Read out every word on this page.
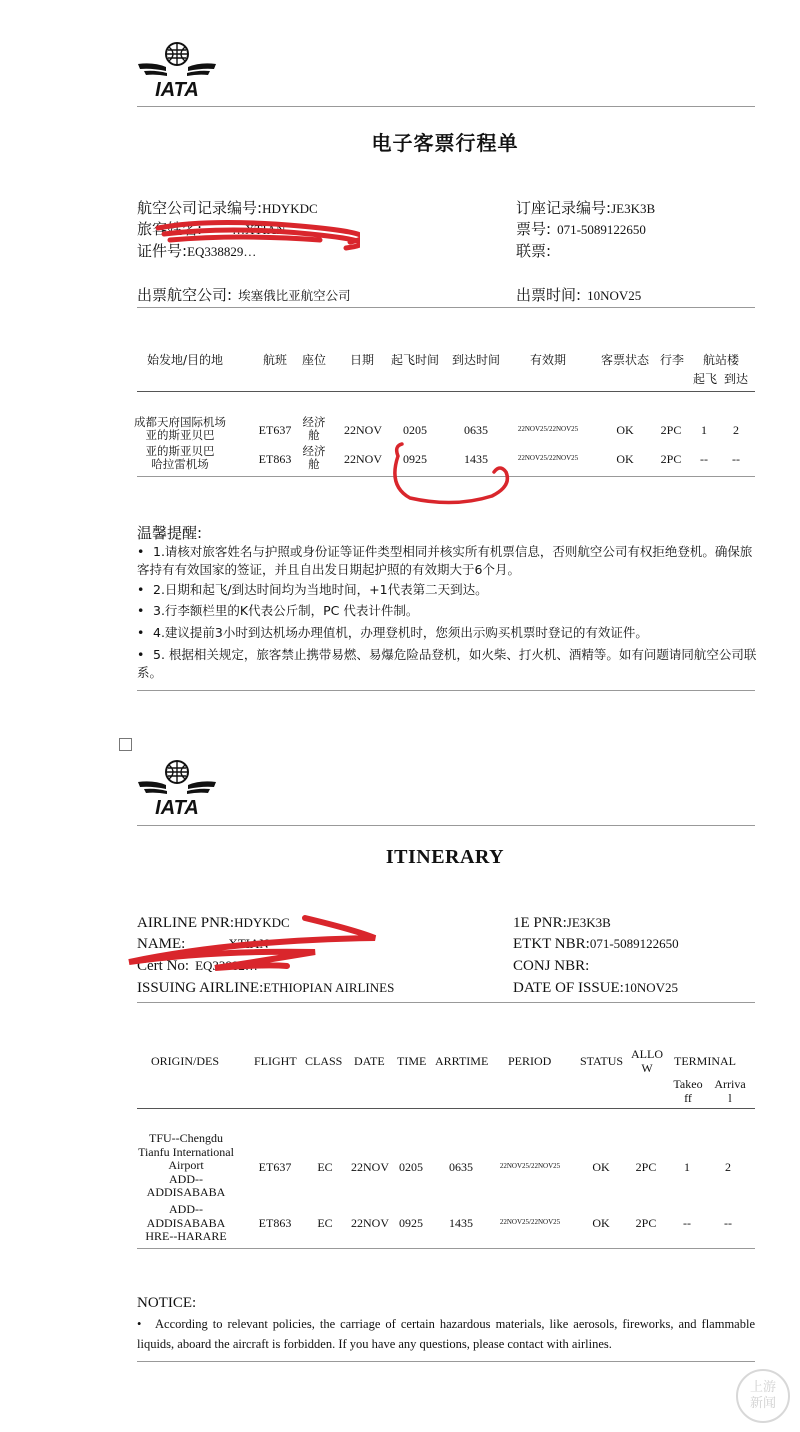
IATA
电子客票行程单
航空公司记录编号:HDYKDC
旅客姓名: …XTIAN
证件号:EQ338829…
出票航空公司: 埃塞俄比亚航空公司
订座记录编号:JE3K3B
票号: 071-5089122650
联票:
出票时间: 10NOV25
始发地/目的地	航班 座位 日期 起飞时间 到达时间 有效期	客票状态 行李 航站楼
起飞 到达
成都天府国际机场
亚的斯亚贝巴	ET637
经济
舱	22NOV	0205	0635	22NOV25/22NOV25	OK	2PC	1	2
亚的斯亚贝巴
哈拉雷机场	ET863
经济
舱	22NOV	0925	1435	22NOV25/22NOV25	OK	2PC	--	--
温馨提醒:
• 1.请核对旅客姓名与护照或身份证等证件类型相同并核实所有机票信息，否则航空公司有权拒绝登机。确保旅客持有有效国家的签证，并且自出发日期起护照的有效期大于6个月。
• 2.日期和起飞/到达时间均为当地时间，+1代表第二天到达。
• 3.行李额栏里的K代表公斤制，PC 代表计件制。
• 4.建议提前3小时到达机场办理值机，办理登机时，您须出示购买机票时登记的有效证件。
• 5. 根据相关规定，旅客禁止携带易燃、易爆危险品登机，如火柴、打火机、酒精等。如有问题请同航空公司联系。
IATA
ITINERARY
AIRLINE PNR:HDYKDC
NAME: …XTIAN
Cert No: EQ33882…
ISSUING AIRLINE:ETHIOPIAN AIRLINES
1E PNR:JE3K3B
ETKT NBR:071-5089122650
CONJ NBR:
DATE OF ISSUE:10NOV25
ORIGIN/DES	FLIGHT CLASS DATE TIME ARRTIME PERIOD STATUS ALLO
W	TERMINAL
Takeo
ff
Arriva
l
TFU--Chengdu
Tianfu International
Airport
ADD--
ADDISABABA
ET637	EC	22NOV 0205	0635	22NOV25/22NOV25	OK	2PC	1	2
ADD--
ADDISABABA
HRE--HARARE
ET863	EC	22NOV 0925	1435	22NOV25/22NOV25	OK	2PC	--	--
NOTICE:
• According to relevant policies, the carriage of certain hazardous materials, like aerosols, fireworks, and flammable liquids, aboard the aircraft is forbidden. If you have any questions, please contact with airlines.
上游
新闻
